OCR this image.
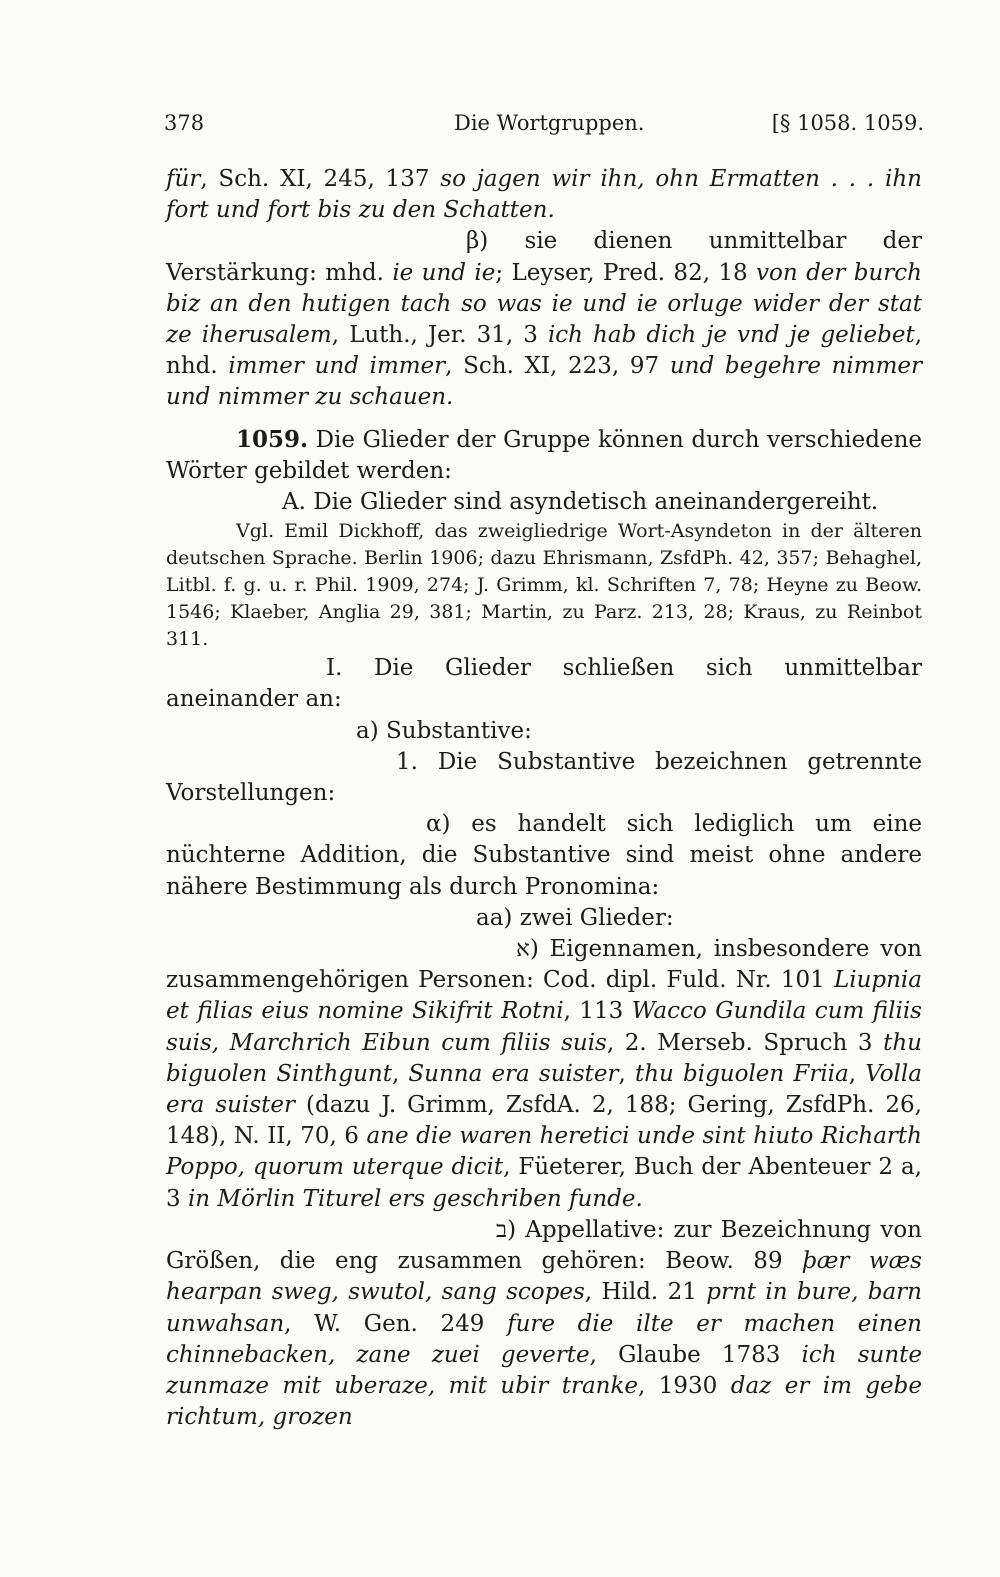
378	Die Wortgruppen.	[§ 1058. 1059.

für, Sch. XI, 245, 137 so jagen wir ihn, ohn Ermatten . . . ihn fort und fort bis zu den Schatten.

β) sie dienen unmittelbar der Verstärkung: mhd. ie und ie; Leyser, Pred. 82, 18 von der burch biz an den hutigen tach so was ie und ie orluge wider der stat ze iherusalem, Luth., Jer. 31, 3 ich hab dich je vnd je geliebet, nhd. immer und immer, Sch. XI, 223, 97 und begehre nimmer und nimmer zu schauen.

1059. Die Glieder der Gruppe können durch verschiedene Wörter gebildet werden:

A. Die Glieder sind asyndetisch aneinandergereiht.

Vgl. Emil Dickhoff, das zweigliedrige Wort-Asyndeton in der älteren deutschen Sprache. Berlin 1906; dazu Ehrismann, ZsfdPh. 42, 357; Behaghel, Litbl. f. g. u. r. Phil. 1909, 274; J. Grimm, kl. Schriften 7, 78; Heyne zu Beow. 1546; Klaeber, Anglia 29, 381; Martin, zu Parz. 213, 28; Kraus, zu Reinbot 311.

I. Die Glieder schließen sich unmittelbar aneinander an:

a) Substantive:

1. Die Substantive bezeichnen getrennte Vorstellungen:

α) es handelt sich lediglich um eine nüchterne Addition, die Substantive sind meist ohne andere nähere Bestimmung als durch Pronomina:

aa) zwei Glieder:

א) Eigennamen, insbesondere von zusammengehörigen Personen: Cod. dipl. Fuld. Nr. 101 Liupnia et filias eius nomine Sikifrit Rotni, 113 Wacco Gundila cum filiis suis, Marchrich Eibun cum filiis suis, 2. Merseb. Spruch 3 thu biguolen Sinthgunt, Sunna era suister, thu biguolen Friia, Volla era suister (dazu J. Grimm, ZsfdA. 2, 188; Gering, ZsfdPh. 26, 148), N. II, 70, 6 ane die waren heretici unde sint hiuto Richarth Poppo, quorum uterque dicit, Füeterer, Buch der Abenteuer 2 a, 3 in Mörlin Titurel ers geschriben funde.

ב) Appellative: zur Bezeichnung von Größen, die eng zusammen gehören: Beow. 89 þær wæs hearpan sweg, swutol, sang scopes, Hild. 21 prnt in bure, barn unwahsan, W. Gen. 249 fure die ilte er machen einen chinnebacken, zane zuei geverte, Glaube 1783 ich sunte zunmaze mit uberaze, mit ubir tranke, 1930 daz er im gebe richtum, grozen
